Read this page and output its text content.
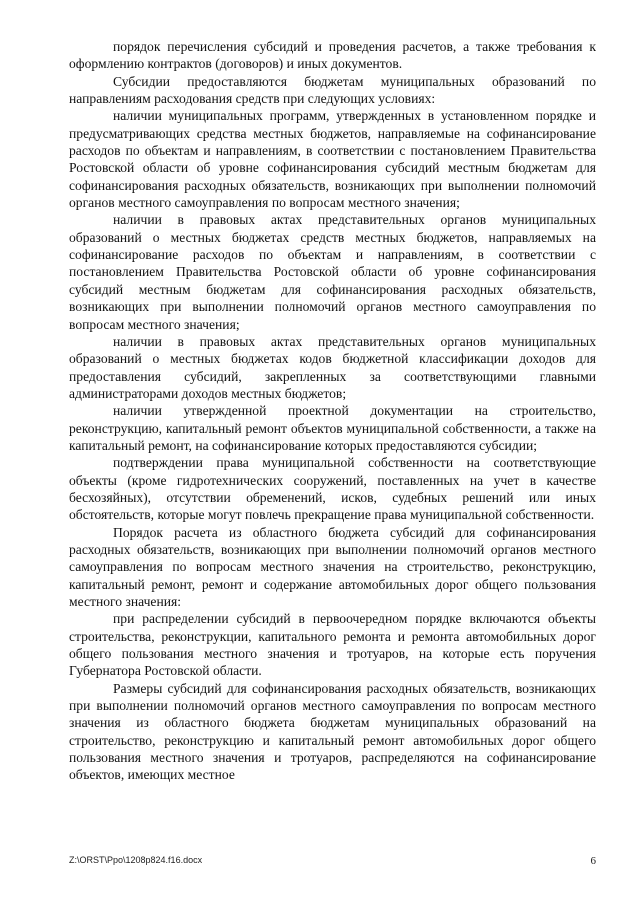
порядок перечисления субсидий и проведения расчетов, а также требования к оформлению контрактов (договоров) и иных документов.

Субсидии предоставляются бюджетам муниципальных образований по направлениям расходования средств при следующих условиях:

наличии муниципальных программ, утвержденных в установленном порядке и предусматривающих средства местных бюджетов, направляемые на софинансирование расходов по объектам и направлениям, в соответствии с постановлением Правительства Ростовской области об уровне софинансирования субсидий местным бюджетам для софинансирования расходных обязательств, возникающих при выполнении полномочий органов местного самоуправления по вопросам местного значения;

наличии в правовых актах представительных органов муниципальных образований о местных бюджетах средств местных бюджетов, направляемых на софинансирование расходов по объектам и направлениям, в соответствии с постановлением Правительства Ростовской области об уровне софинансирования субсидий местным бюджетам для софинансирования расходных обязательств, возникающих при выполнении полномочий органов местного самоуправления по вопросам местного значения;

наличии в правовых актах представительных органов муниципальных образований о местных бюджетах кодов бюджетной классификации доходов для предоставления субсидий, закрепленных за соответствующими главными администраторами доходов местных бюджетов;

наличии утвержденной проектной документации на строительство, реконструкцию, капитальный ремонт объектов муниципальной собственности, а также на капитальный ремонт, на софинансирование которых предоставляются субсидии;

подтверждении права муниципальной собственности на соответствующие объекты (кроме гидротехнических сооружений, поставленных на учет в качестве бесхозяйных), отсутствии обременений, исков, судебных решений или иных обстоятельств, которые могут повлечь прекращение права муниципальной собственности.

Порядок расчета из областного бюджета субсидий для софинансирования расходных обязательств, возникающих при выполнении полномочий органов местного самоуправления по вопросам местного значения на строительство, реконструкцию, капитальный ремонт, ремонт и содержание автомобильных дорог общего пользования местного значения:

при распределении субсидий в первоочередном порядке включаются объекты строительства, реконструкции, капитального ремонта и ремонта автомобильных дорог общего пользования местного значения и тротуаров, на которые есть поручения Губернатора Ростовской области.

Размеры субсидий для софинансирования расходных обязательств, возникающих при выполнении полномочий органов местного самоуправления по вопросам местного значения из областного бюджета бюджетам муниципальных образований на строительство, реконструкцию и капитальный ремонт автомобильных дорог общего пользования местного значения и тротуаров, распределяются на софинансирование объектов, имеющих местное

Z:\ORST\Ppo\1208p824.f16.docx	6
